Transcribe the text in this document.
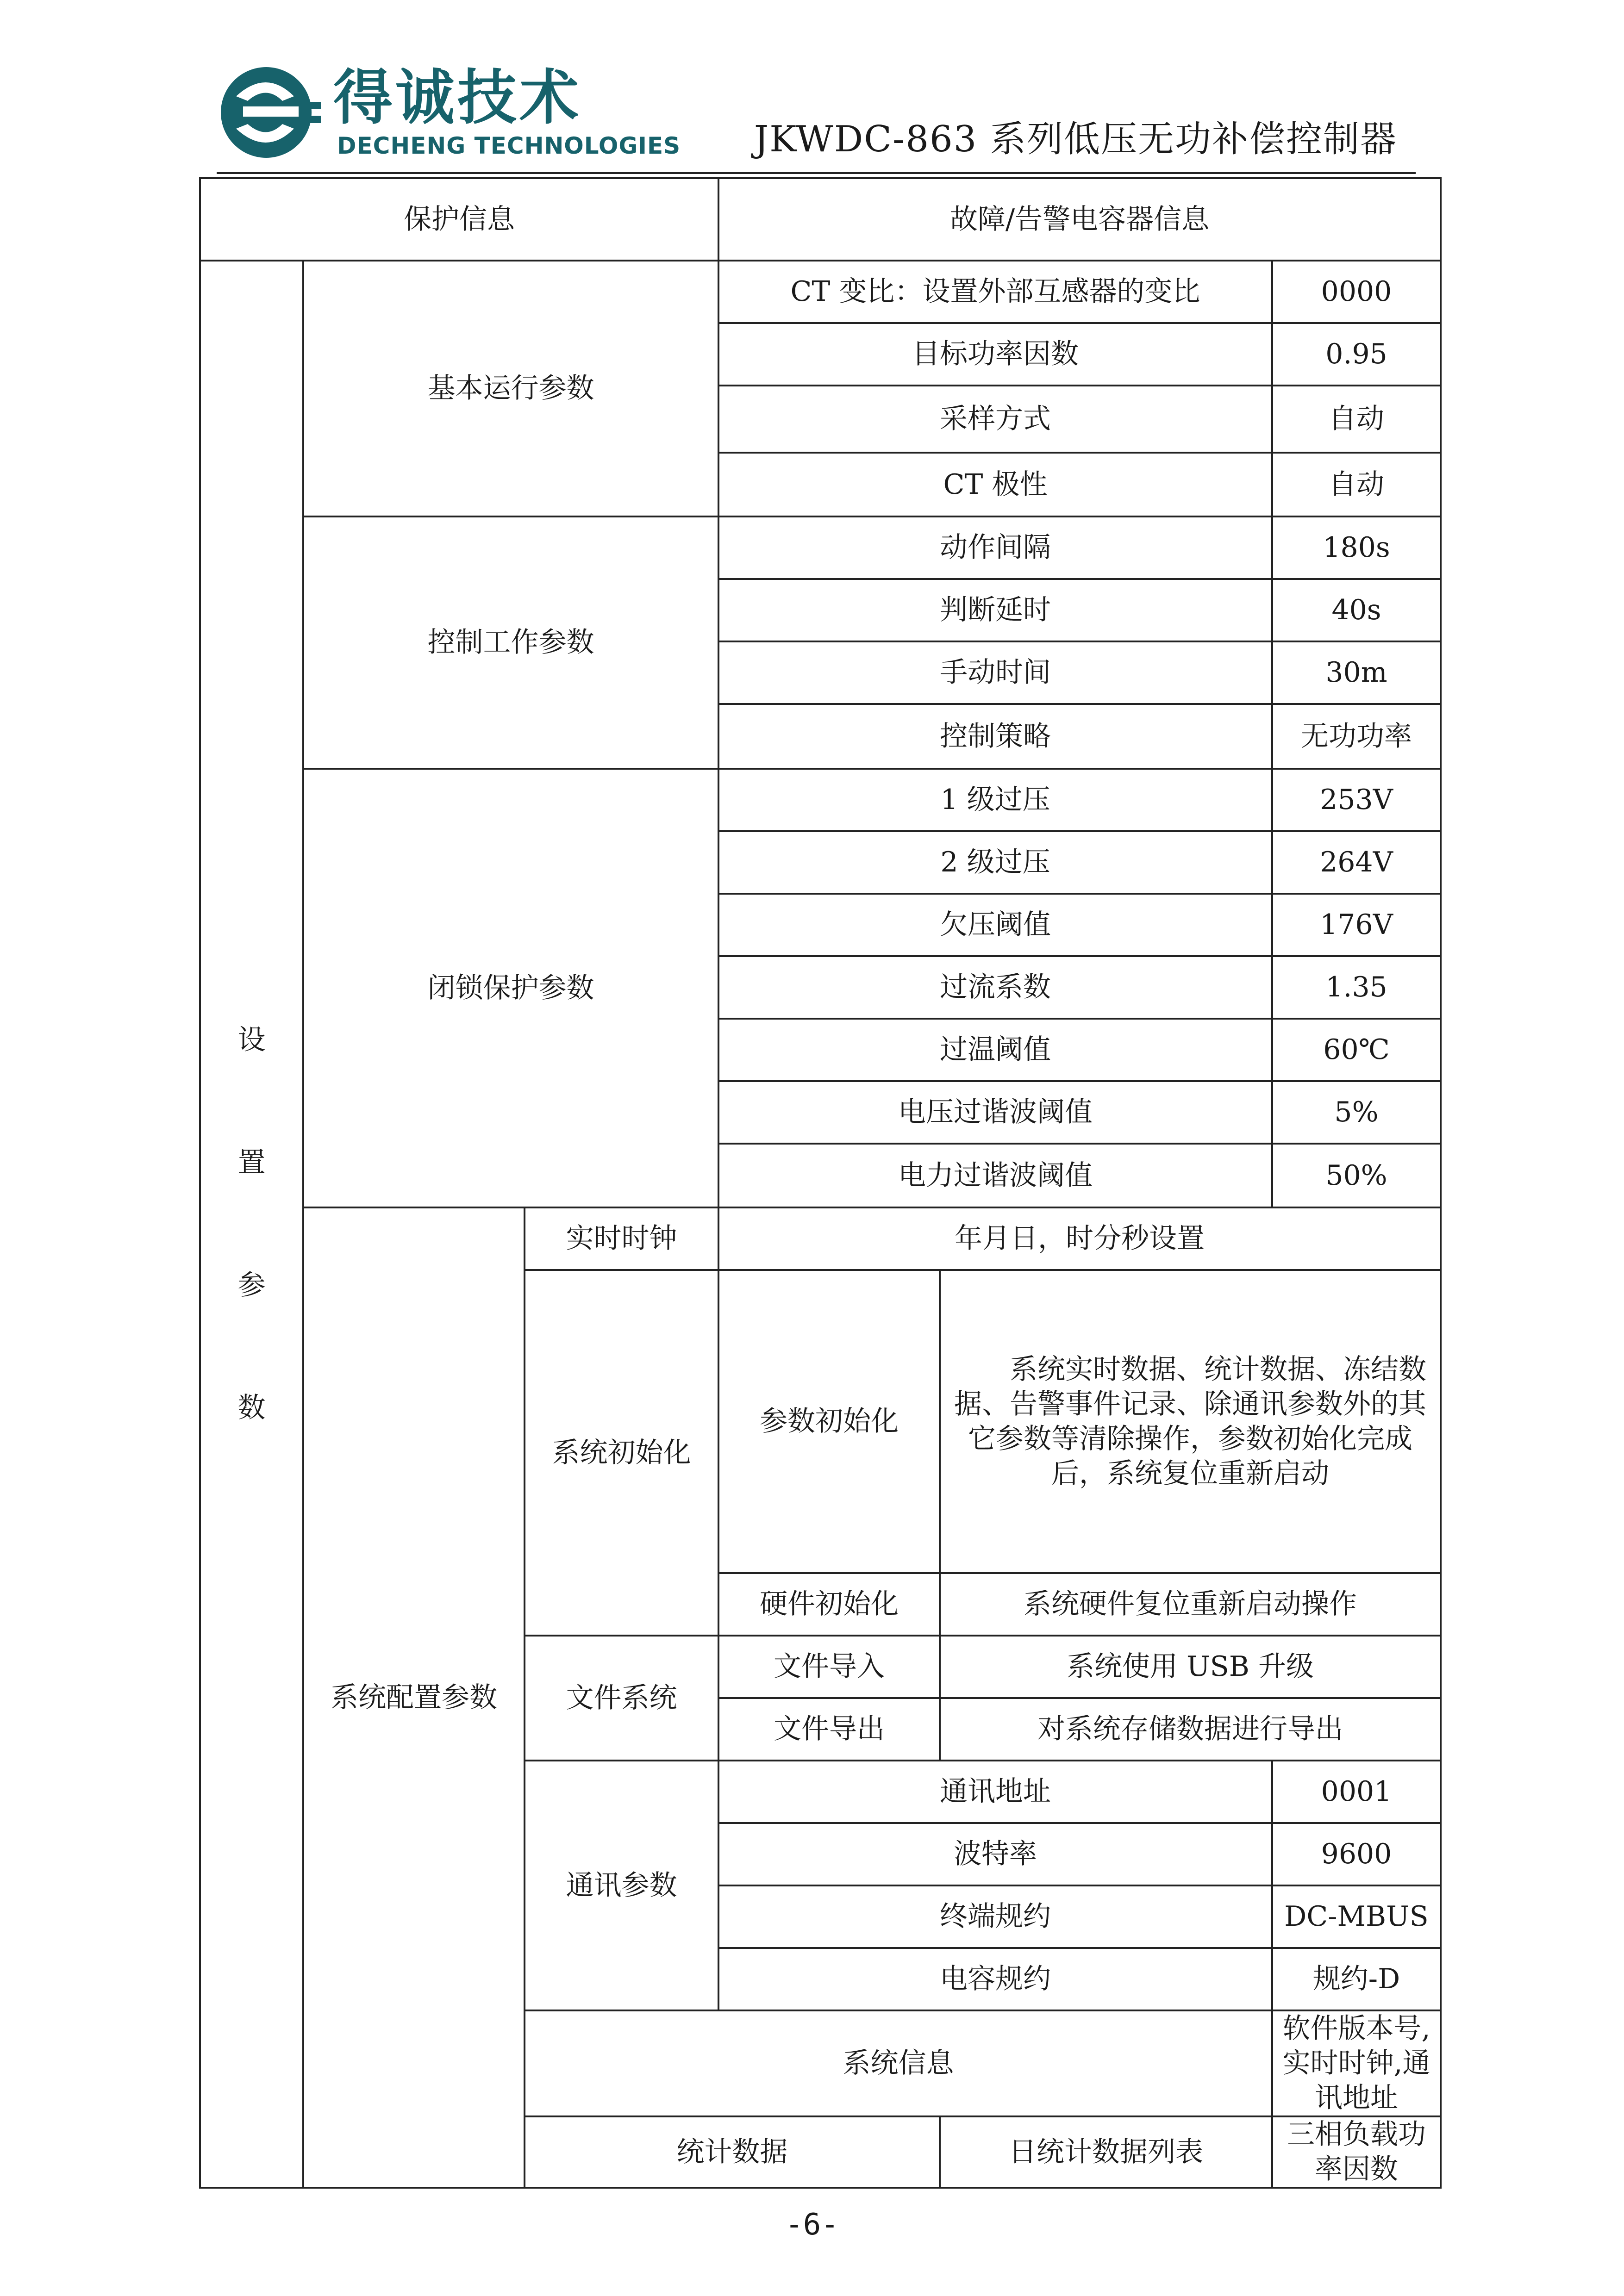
得诚技术
DECHENG TECHNOLOGIES JKWDC-863 系列低压无功补偿控制器
保护信息			故障/告警电容器信息		

设
置
参
数	基本运行参数		CT 变比：设置外部互感器的变比		0000
			目标功率因数		0.95
			采样方式		自动
			CT 极性		自动
	控制工作参数		动作间隔		180s
			判断延时		40s
			手动时间		30m
			控制策略		无功功率
	闭锁保护参数		1 级过压		253V
			2 级过压		264V
			欠压阈值		176V
			过流系数		1.35
			过温阈值		60℃
			电压过谐波阈值		5%
			电力过谐波阈值		50%
	系统配置参数	实时时钟	年月日，时分秒设置		
		系统初始化	参数初始化	系统实时数据、统计数据、冻结数据、告警事件记录、除通讯参数外的其它参数等清除操作，参数初始化完成后，系统复位重新启动	

			硬件初始化	系统硬件复位重新启动操作	
		文件系统	文件导入	系统使用 USB 升级	
			文件导出	对系统存储数据进行导出	
		通讯参数	通讯地址		0001
			波特率		9600
			终端规约		DC-MBUS
			电容规约		规约-D
		系统信息			软件版本号,实时时钟,通讯地址
		统计数据		日统计数据列表	三相负载功率因数
-6-
